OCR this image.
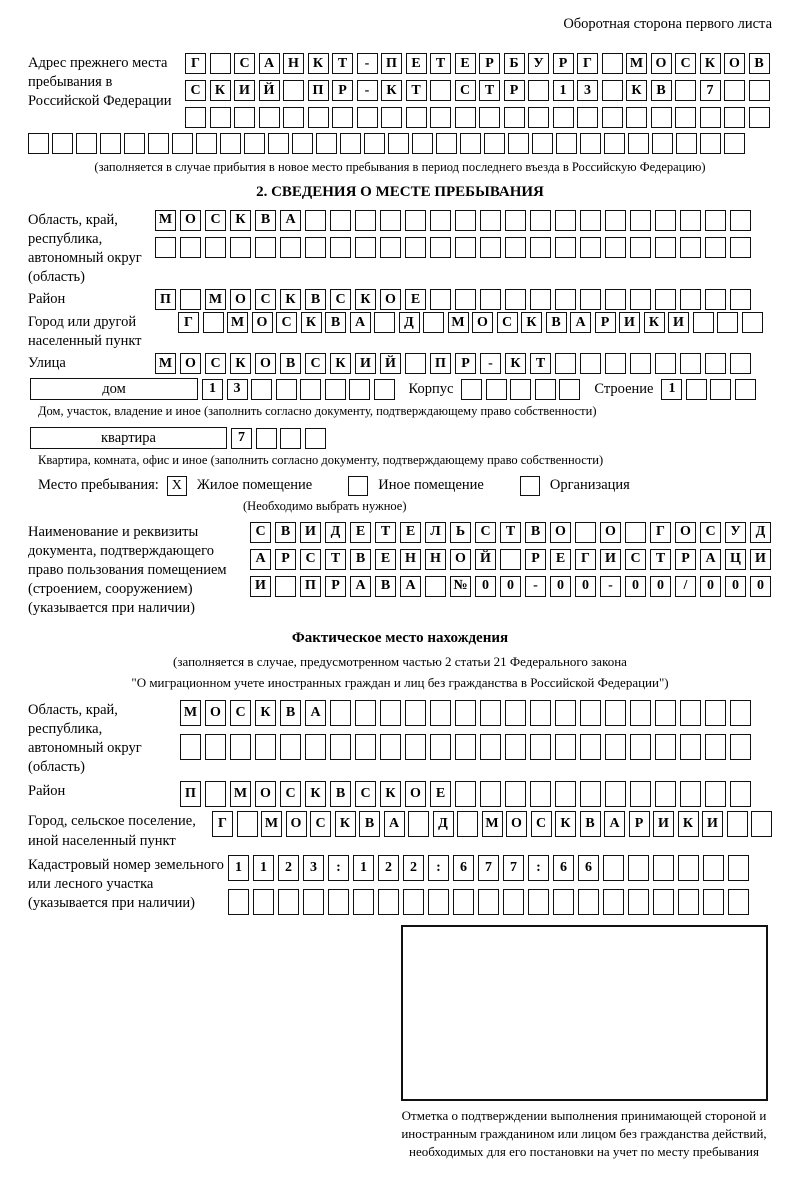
Оборотная сторона первого листа
Адрес прежнего места пребывания в Российской Федерации
Г	С	А Н К	Т	-	П	Е	Т	Е	Р	Б	У	Р	Г	М О	С	К О	В
С	К И Й	П	Р	-	К	Т	С	Т	Р	1	3	К	В	7
(заполняется в случае прибытия в новое место пребывания в период последнего въезда в Российскую Федерацию)
2. СВЕДЕНИЯ О МЕСТЕ ПРЕБЫВАНИЯ
Область, край, республика, автономный округ (область)
М О	С	К	В	А
Район	П	М О	С	К	В	С	К	О	Е
Город или другой населенный пункт
Г	М О	С	К	В	А	Д	М О	С	К	В	А	Р	И К И
Улица	М О	С	К	О	В	С	К	И	Й	П	Р	-	К	Т
дом	1	3	Корпус	Строение	1
Дом, участок, владение и иное (заполнить согласно документу, подтверждающему право собственности)
квартира	7
Квартира, комната, офис и иное (заполнить согласно документу, подтверждающему право собственности)
Место пребывания: X	Жилое помещение	Иное помещение	Организация
(Необходимо выбрать нужное)
Наименование и реквизиты документа, подтверждающего право пользования помещением (строением, сооружением) (указывается при наличии)
С	В	И	Д	Е	Т	Е	Л	Ь	С	Т	В	О	О	Г	О	С	У	Д
А	Р	С	Т	В	Е	Н	Н	О	Й	Р	Е	Г	И	С	Т	Р	А	Ц	И
И	П	Р	А	В	А	№	0	0	-	0	0	-	0	0	/	0	0	0
Фактическое место нахождения
(заполняется в случае, предусмотренном частью 2 статьи 21 Федерального закона
"О миграционном учете иностранных граждан и лиц без гражданства в Российской Федерации")
Область, край, республика, автономный округ (область)
М О	С	К	В	А
Район	П	М О	С	К	В	С	К	О	Е
Город, сельское поселение, иной населенный пункт
Г	М О	С	К	В	А	Д	М О	С	К	В	А	Р	И К И
Кадастровый номер земельного или лесного участка (указывается при наличии)
1	1	2	3	:	1	2	2	:	6	7	7	:	6	6
Отметка о подтверждении выполнения принимающей стороной и иностранным гражданином или лицом без гражданства действий, необходимых для его постановки на учет по месту пребывания
